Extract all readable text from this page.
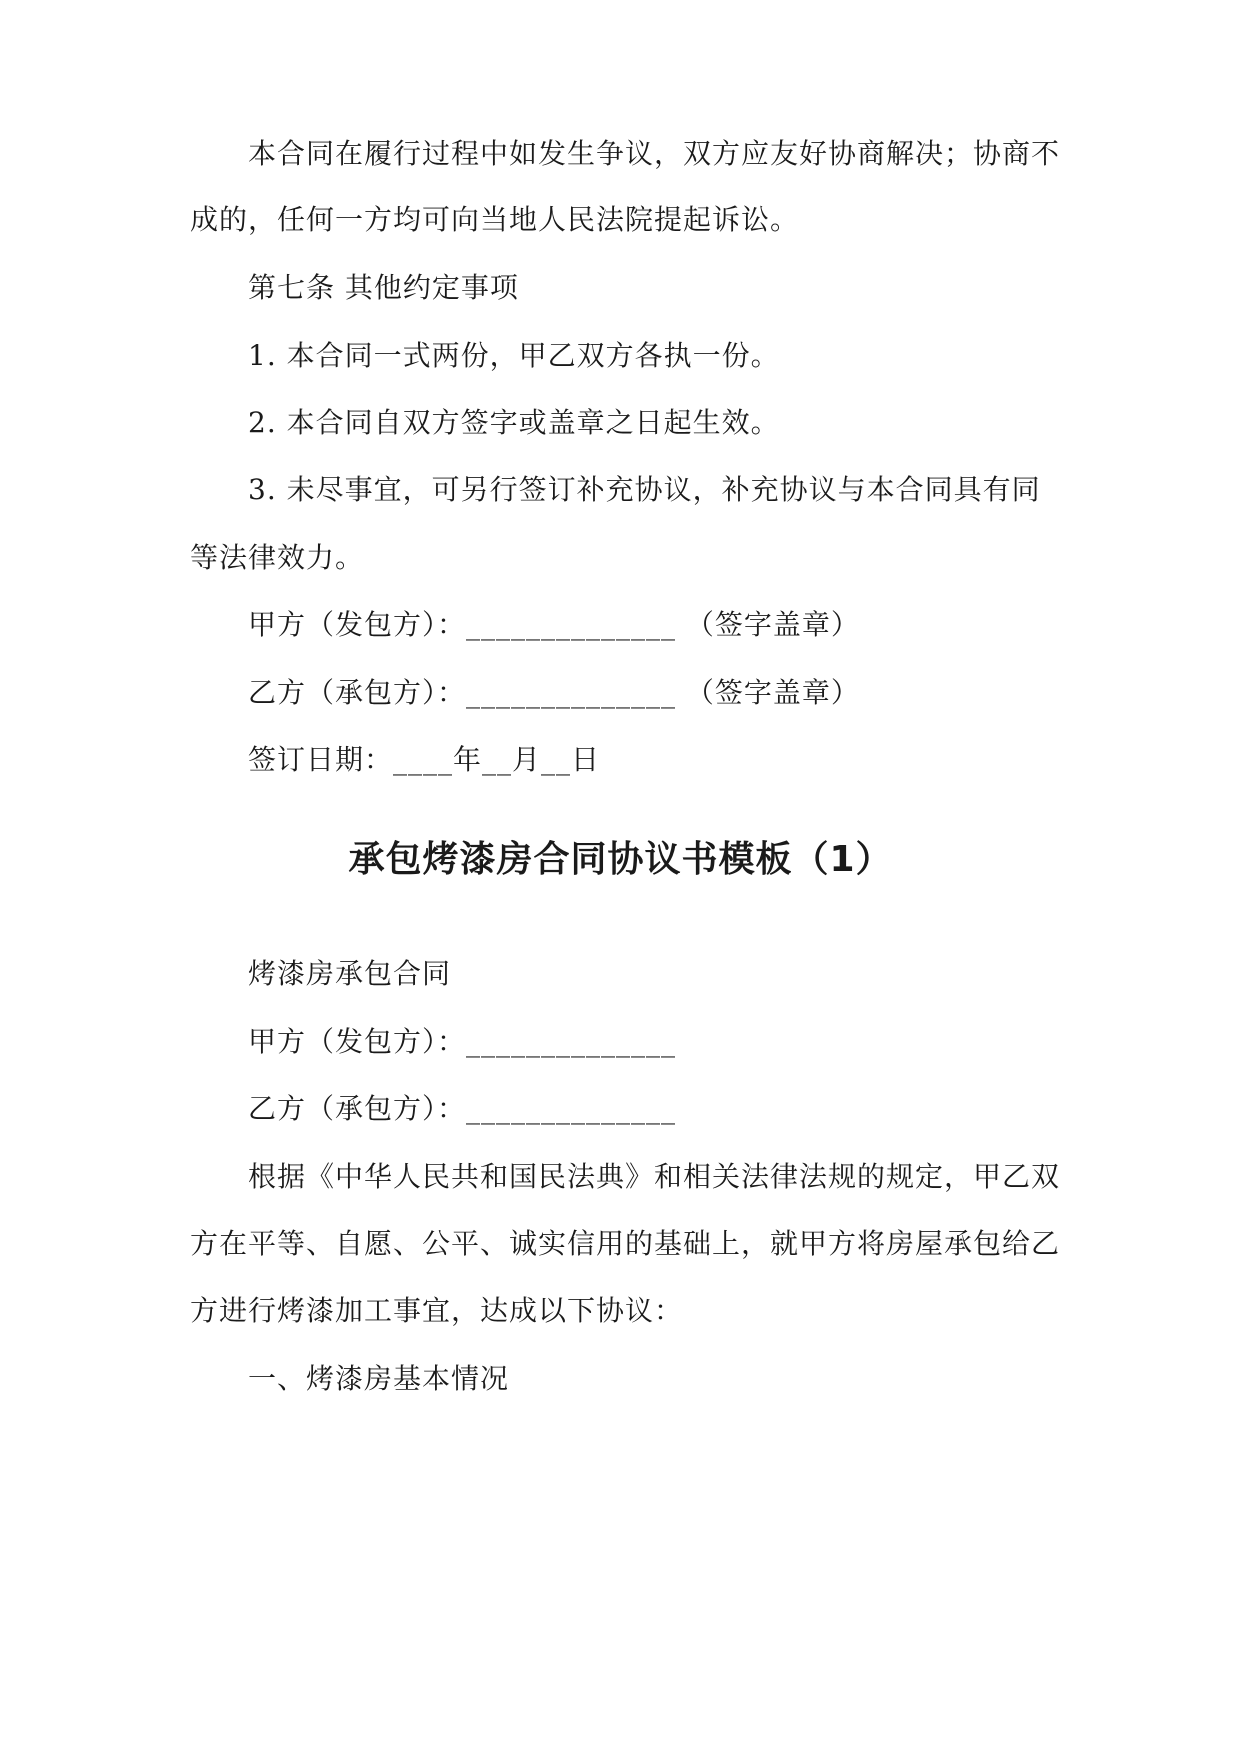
本合同在履行过程中如发生争议，双方应友好协商解决；协商不
成的，任何一方均可向当地人民法院提起诉讼。
第七条 其他约定事项
1. 本合同一式两份，甲乙双方各执一份。
2. 本合同自双方签字或盖章之日起生效。
3. 未尽事宜，可另行签订补充协议，补充协议与本合同具有同
等法律效力。
甲方（发包方）：______________ （签字盖章）
乙方（承包方）：______________ （签字盖章）
签订日期：____年__月__日
承包烤漆房合同协议书模板（1）
烤漆房承包合同
甲方（发包方）：______________
乙方（承包方）：______________
根据《中华人民共和国民法典》和相关法律法规的规定，甲乙双
方在平等、自愿、公平、诚实信用的基础上，就甲方将房屋承包给乙
方进行烤漆加工事宜，达成以下协议：
一、烤漆房基本情况
